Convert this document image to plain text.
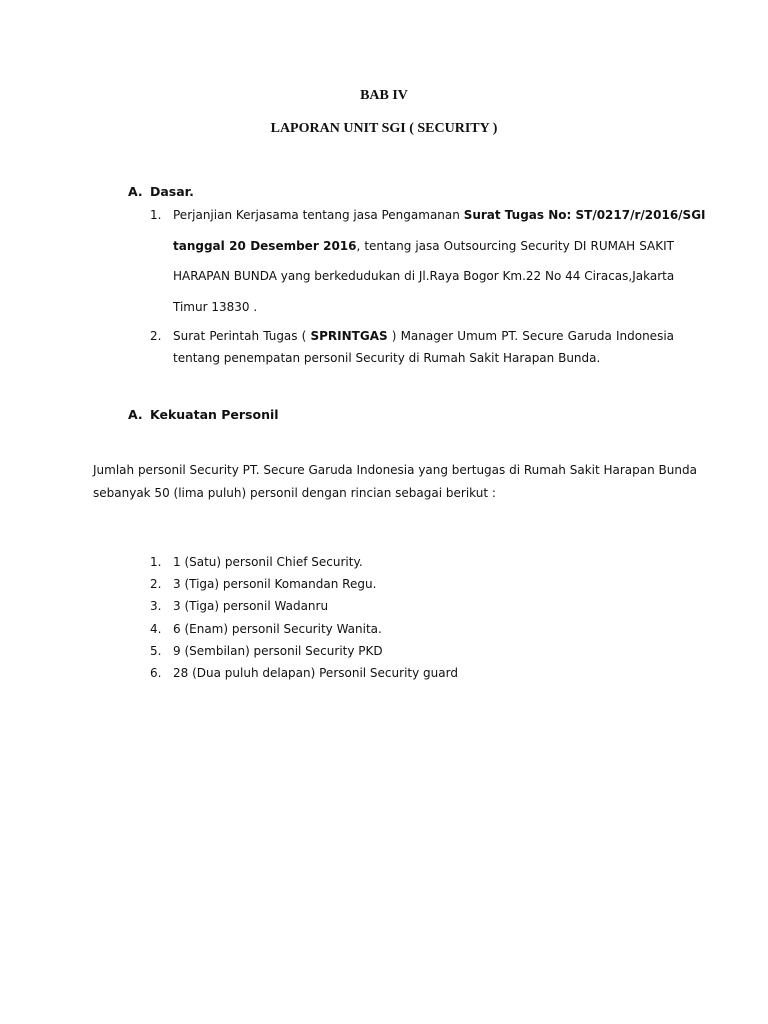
BAB IV
LAPORAN UNIT SGI ( SECURITY )
A. Dasar.
1. Perjanjian Kerjasama tentang jasa Pengamanan Surat Tugas No: ST/0217/r/2016/SGI
tanggal 20 Desember 2016, tentang jasa Outsourcing Security DI RUMAH SAKIT
HARAPAN BUNDA yang berkedudukan di Jl.Raya Bogor Km.22 No 44 Ciracas,Jakarta
Timur 13830 .
2. Surat Perintah Tugas ( SPRINTGAS ) Manager Umum PT. Secure Garuda Indonesia
tentang penempatan personil Security di Rumah Sakit Harapan Bunda.
A. Kekuatan Personil
Jumlah personil Security PT. Secure Garuda Indonesia yang bertugas di Rumah Sakit Harapan Bunda
sebanyak 50 (lima puluh) personil dengan rincian sebagai berikut :
1. 1 (Satu) personil Chief Security.
2. 3 (Tiga) personil Komandan Regu.
3. 3 (Tiga) personil Wadanru
4. 6 (Enam) personil Security Wanita.
5. 9 (Sembilan) personil Security PKD
6. 28 (Dua puluh delapan) Personil Security guard
